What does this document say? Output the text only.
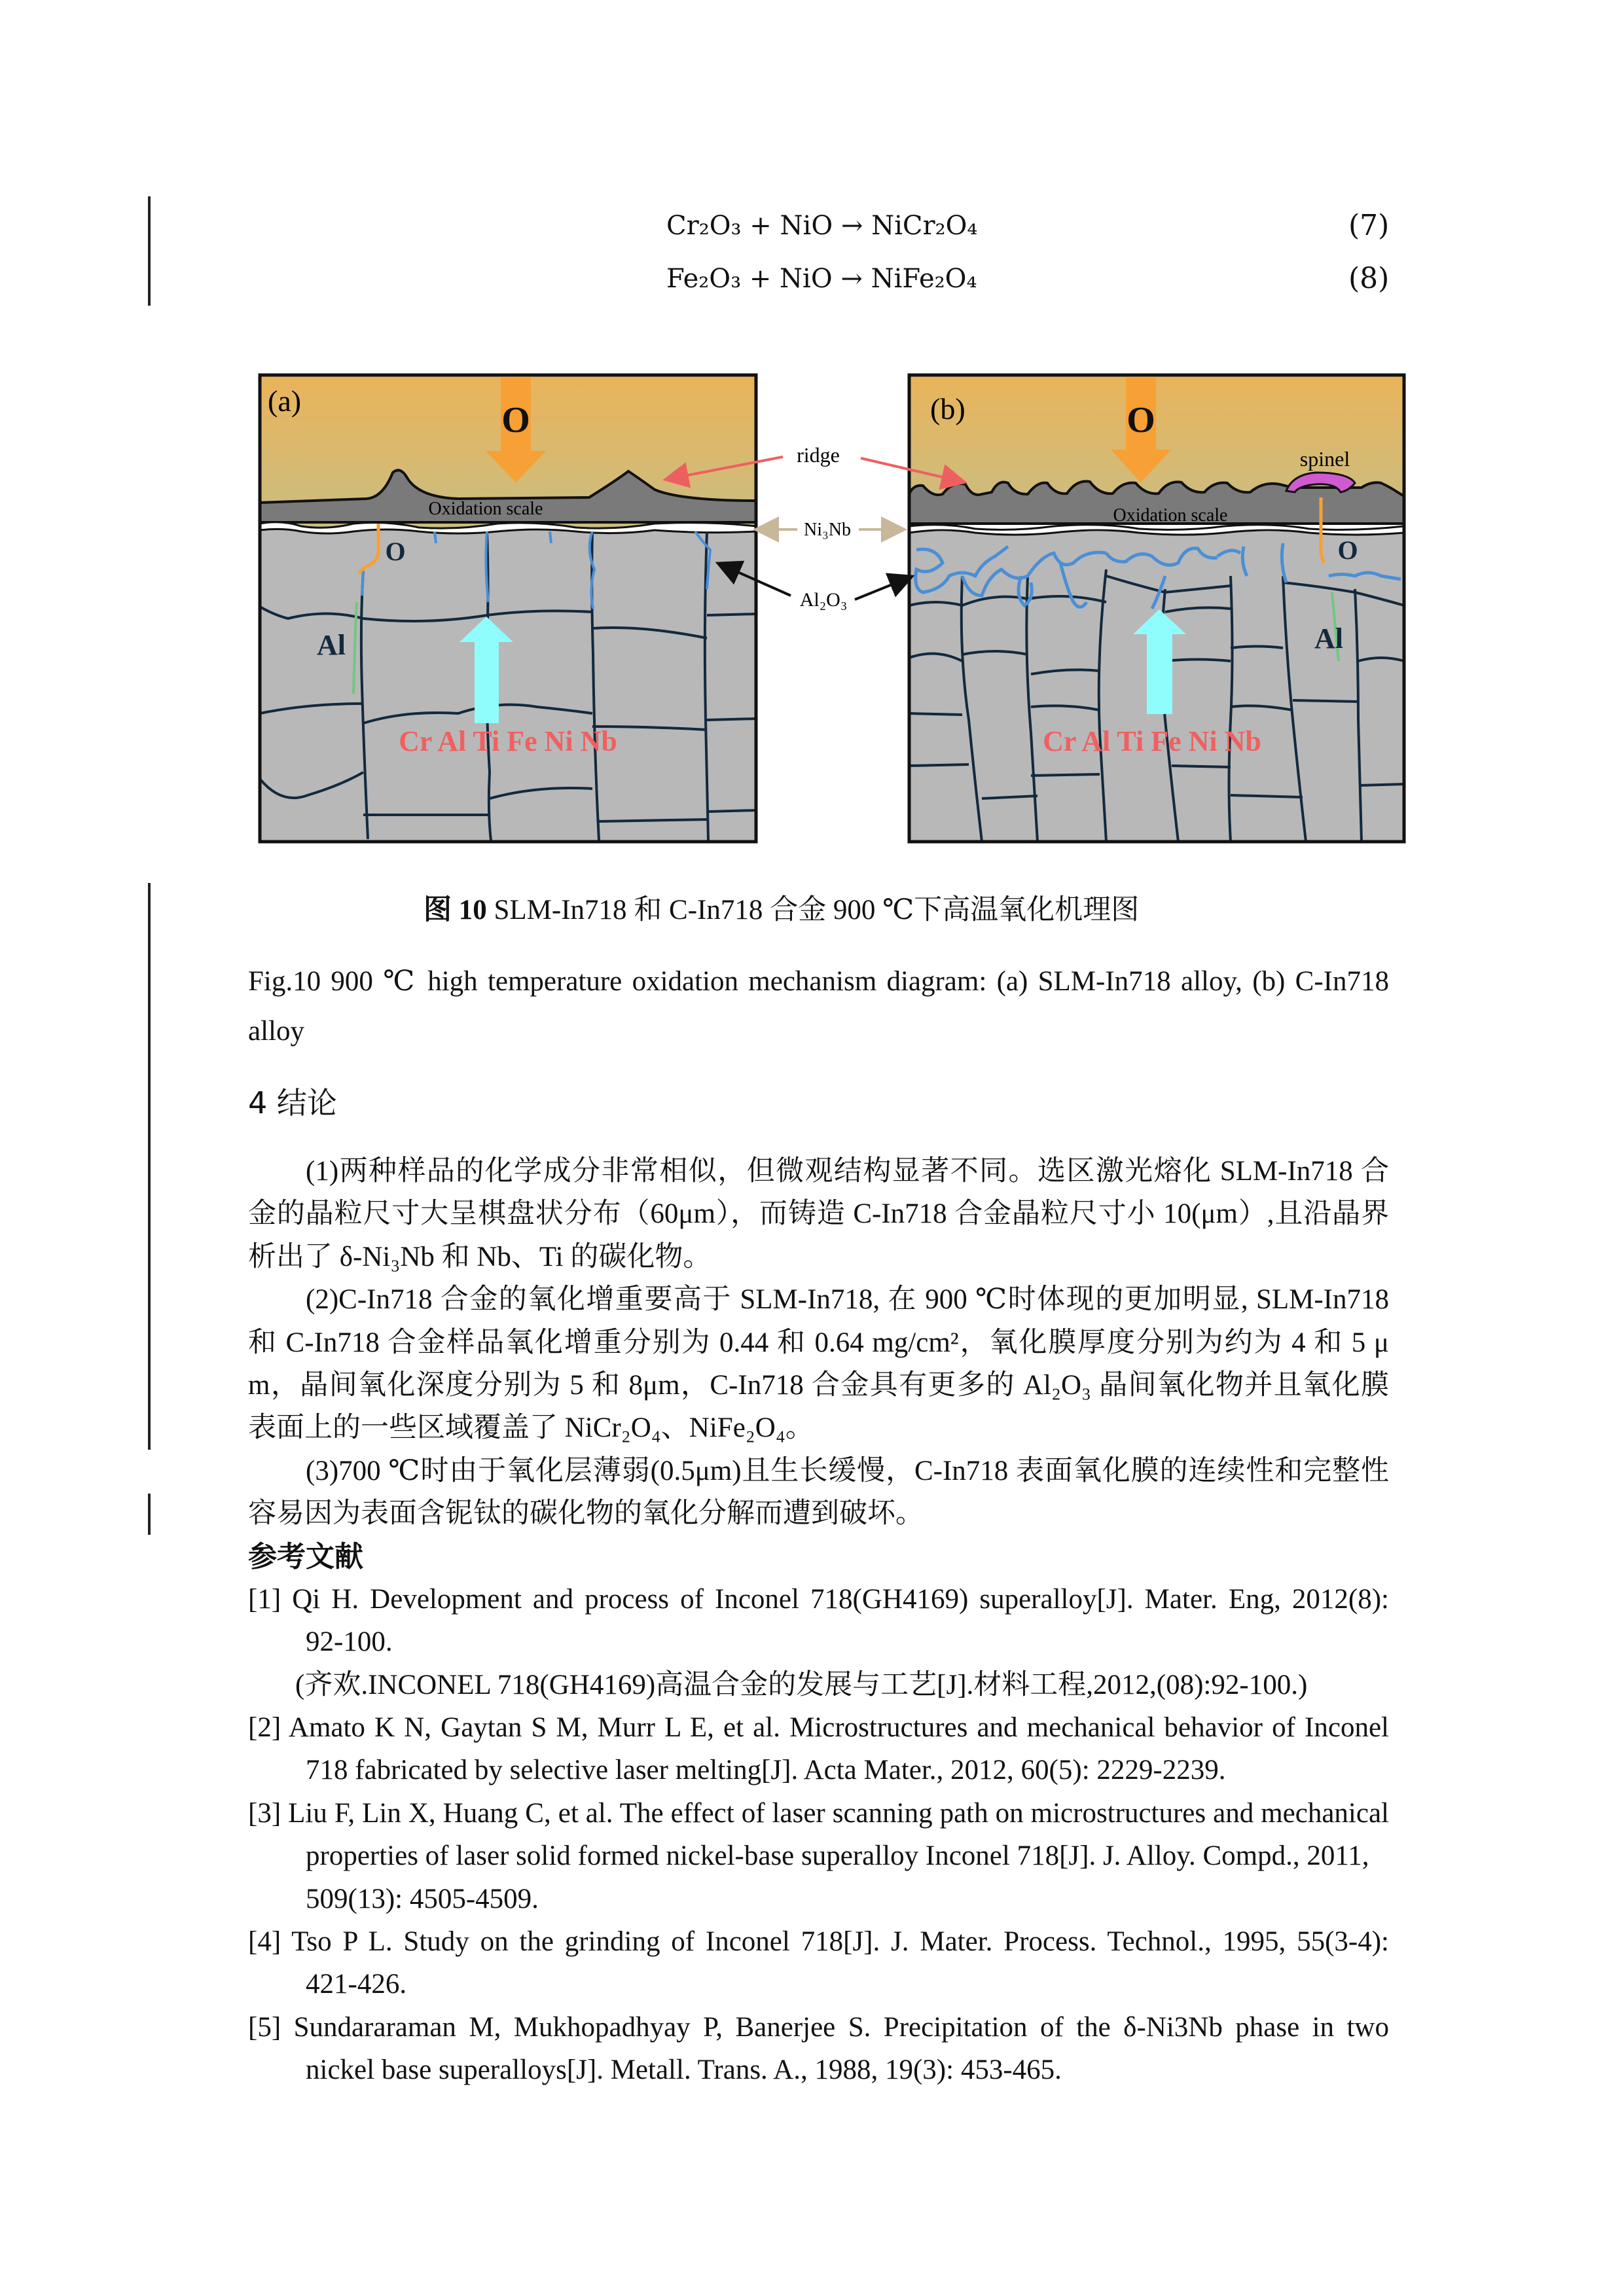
Cr₂O₃ + NiO → NiCr₂O₄	(7)
Fe₂O₃ + NiO → NiFe₂O₄	(8)
O
(a)
Oxidation scale
O
Al
Cr Al Ti Fe Ni Nb
O
(b)
spinel
Oxidation scale
O
Al
Cr Al Ti Fe Ni Nb
ridge
Ni₃Nb
Al₂O₃
图 10 SLM-In718 和 C-In718 合金 900 ℃下高温氧化机理图
Fig.10 900 ℃ high temperature oxidation mechanism diagram: (a) SLM-In718 alloy, (b) C-In718
alloy
4 结论
(1)两种样品的化学成分非常相似，但微观结构显著不同。选区激光熔化 SLM-In718 合
金的晶粒尺寸大呈棋盘状分布（60μm），而铸造 C-In718 合金晶粒尺寸小 10(μm）,且沿晶界
析出了 δ-Ni₃Nb 和 Nb、Ti 的碳化物。
(2)C-In718 合金的氧化增重要高于 SLM-In718, 在 900 ℃时体现的更加明显, SLM-In718
和 C-In718 合金样品氧化增重分别为 0.44 和 0.64 mg/cm²，氧化膜厚度分别为约为 4 和 5 μ
m，晶间氧化深度分别为 5 和 8μm，C-In718 合金具有更多的 Al₂O₃ 晶间氧化物并且氧化膜
表面上的一些区域覆盖了 NiCr₂O₄、NiFe₂O₄。
(3)700 ℃时由于氧化层薄弱(0.5μm)且生长缓慢，C-In718 表面氧化膜的连续性和完整性
容易因为表面含铌钛的碳化物的氧化分解而遭到破坏。
参考文献
[1] Qi H. Development and process of Inconel 718(GH4169) superalloy[J]. Mater. Eng, 2012(8):
92-100.
(齐欢.INCONEL 718(GH4169)高温合金的发展与工艺[J].材料工程,2012,(08):92-100.)
[2] Amato K N, Gaytan S M, Murr L E, et al. Microstructures and mechanical behavior of Inconel
718 fabricated by selective laser melting[J]. Acta Mater., 2012, 60(5): 2229-2239.
[3] Liu F, Lin X, Huang C, et al. The effect of laser scanning path on microstructures and mechanical
properties of laser solid formed nickel-base superalloy Inconel 718[J]. J. Alloy. Compd., 2011,
509(13): 4505-4509.
[4] Tso P L. Study on the grinding of Inconel 718[J]. J. Mater. Process. Technol., 1995, 55(3-4):
421-426.
[5] Sundararaman M, Mukhopadhyay P, Banerjee S. Precipitation of the δ-Ni3Nb phase in two
nickel base superalloys[J]. Metall. Trans. A., 1988, 19(3): 453-465.
